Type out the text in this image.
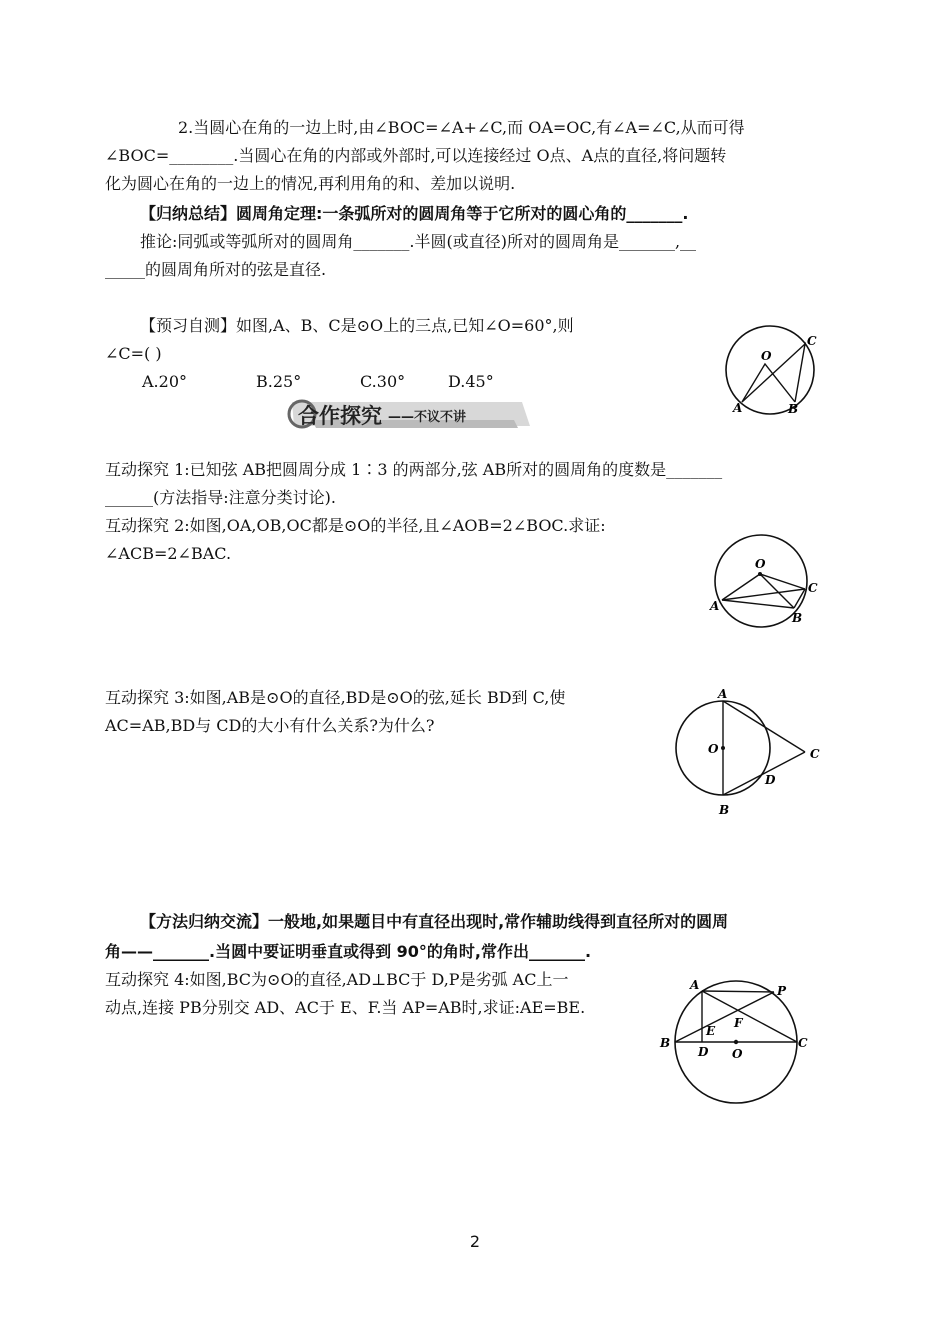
2.当圆心在角的一边上时,由∠BOC=∠A+∠C,而 OA=OC,有∠A=∠C,从而可得
∠BOC=________.当圆心在角的内部或外部时,可以连接经过 O点、A点的直径,将问题转
化为圆心在角的一边上的情况,再利用角的和、差加以说明.
【归纳总结】圆周角定理:一条弧所对的圆周角等于它所对的圆心角的_______.
推论:同弧或等弧所对的圆周角_______.半圆(或直径)所对的圆周角是_______,__
_____的圆周角所对的弦是直径.
【预习自测】如图,A、B、C是⊙O上的三点,已知∠O=60°,则
∠C=( )
A.20°	B.25°	C.30°	D.45°
O
C
A	B
合作探究 ——不议不讲
互动探究 1:已知弦 AB把圆周分成 1∶3 的两部分,弦 AB所对的圆周角的度数是_______
______(方法指导:注意分类讨论).
互动探究 2:如图,OA,OB,OC都是⊙O的半径,且∠AOB=2∠BOC.求证:
∠ACB=2∠BAC.
O
A
B
C
互动探究 3:如图,AB是⊙O的直径,BD是⊙O的弦,延长 BD到 C,使
AC=AB,BD与 CD的大小有什么关系?为什么?
A
O
B
C
D
【方法归纳交流】一般地,如果题目中有直径出现时,常作辅助线得到直径所对的圆周
角——_______.当圆中要证明垂直或得到 90°的角时,常作出_______.
互动探究 4:如图,BC为⊙O的直径,AD⊥BC于 D,P是劣弧 AC上一
动点,连接 PB分别交 AD、AC于 E、F.当 AP=AB时,求证:AE=BE.
A	P
F
E
B
D O
C
2
